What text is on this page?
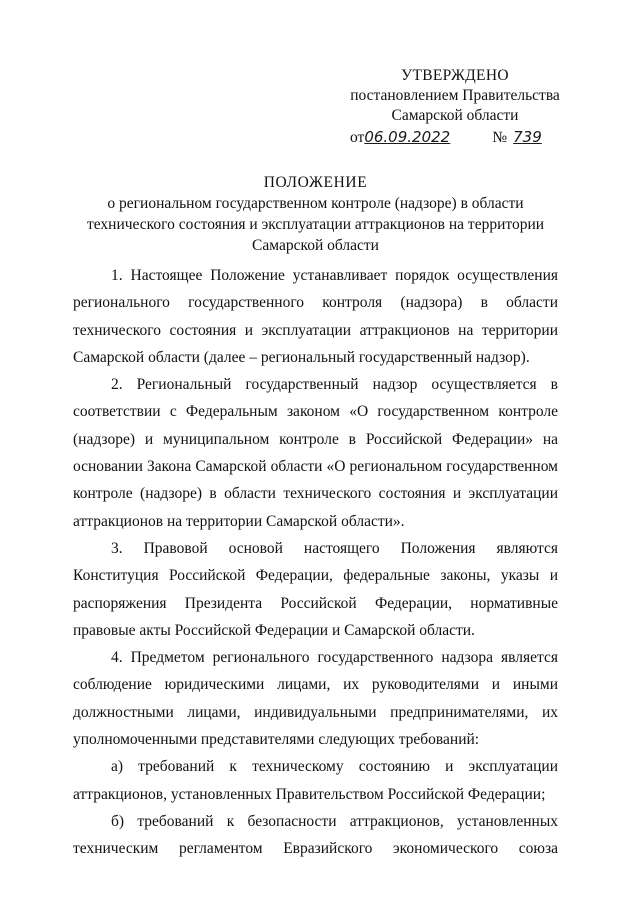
УТВЕРЖДЕНО
постановлением Правительства
Самарской области
от06.09.2022	№ 739
ПОЛОЖЕНИЕ
о региональном государственном контроле (надзоре) в области
технического состояния и эксплуатации аттракционов на территории
Самарской области

1. Настоящее Положение устанавливает порядок осуществления регионального государственного контроля (надзора) в области технического состояния и эксплуатации аттракционов на территории Самарской области (далее – региональный государственный надзор).

2. Региональный государственный надзор осуществляется в соответствии с Федеральным законом «О государственном контроле (надзоре) и муниципальном контроле в Российской Федерации» на основании Закона Самарской области «О региональном государственном контроле (надзоре) в области технического состояния и эксплуатации аттракционов на территории Самарской области».

3. Правовой основой настоящего Положения являются Конституция Российской Федерации, федеральные законы, указы и распоряжения Президента Российской Федерации, нормативные правовые акты Российской Федерации и Самарской области.

4. Предметом регионального государственного надзора является соблюдение юридическими лицами, их руководителями и иными должностными лицами, индивидуальными предпринимателями, их уполномоченными представителями следующих требований:

а) требований к техническому состоянию и эксплуатации аттракционов, установленных Правительством Российской Федерации;

б) требований к безопасности аттракционов, установленных техническим регламентом Евразийского экономического союза
